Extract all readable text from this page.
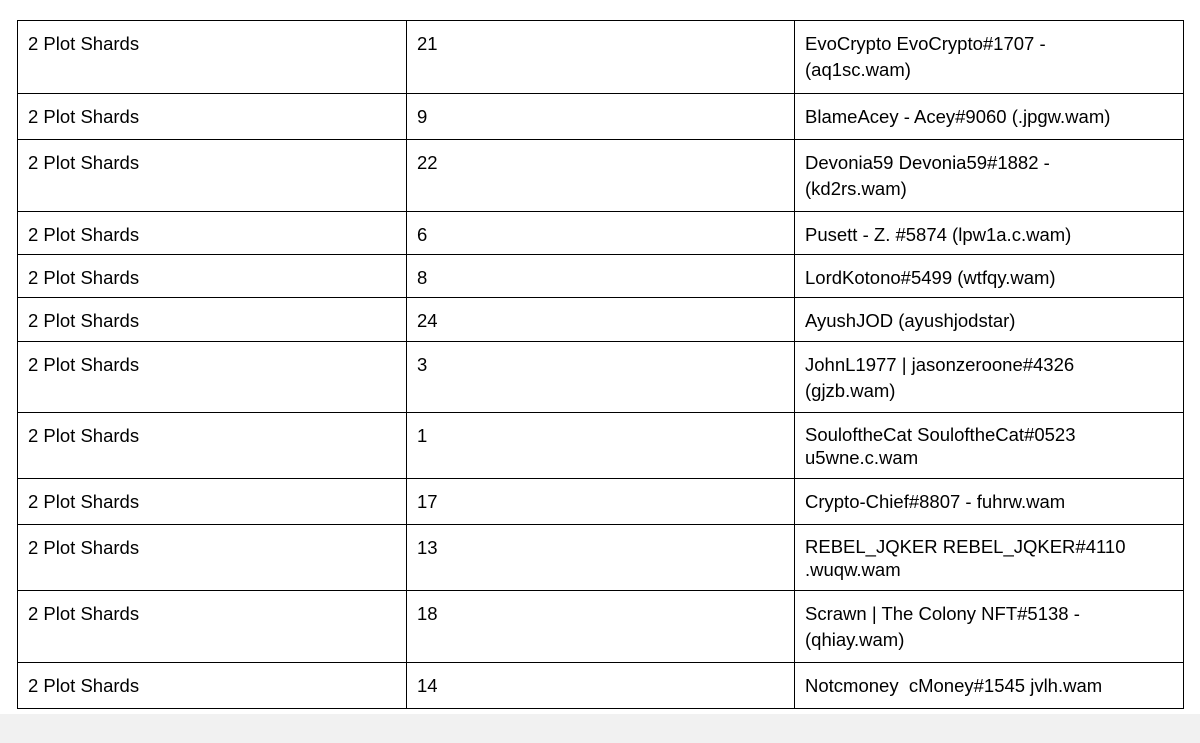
2 Plot Shards	21	EvoCrypto EvoCrypto#1707 -
(aq1sc.wam)

2 Plot Shards	9	BlameAcey - Acey#9060 (.jpgw.wam)

2 Plot Shards	22	Devonia59 Devonia59#1882 -
(kd2rs.wam)

2 Plot Shards	6	Pusett - Z. #5874 (lpw1a.c.wam)

2 Plot Shards	8	LordKotono#5499 (wtfqy.wam)

2 Plot Shards	24	AyushJOD (ayushjodstar)

2 Plot Shards	3	JohnL1977 | jasonzeroone#4326
(gjzb.wam)

2 Plot Shards	1	SouloftheCat SouloftheCat#0523
u5wne.c.wam

2 Plot Shards	17	Crypto-Chief#8807 - fuhrw.wam

2 Plot Shards	13	REBEL_JQKER REBEL_JQKER#4110
.wuqw.wam

2 Plot Shards	18	Scrawn | The Colony NFT#5138 -
(qhiay.wam)

2 Plot Shards	14	Notcmoney  cMoney#1545 jvlh.wam
